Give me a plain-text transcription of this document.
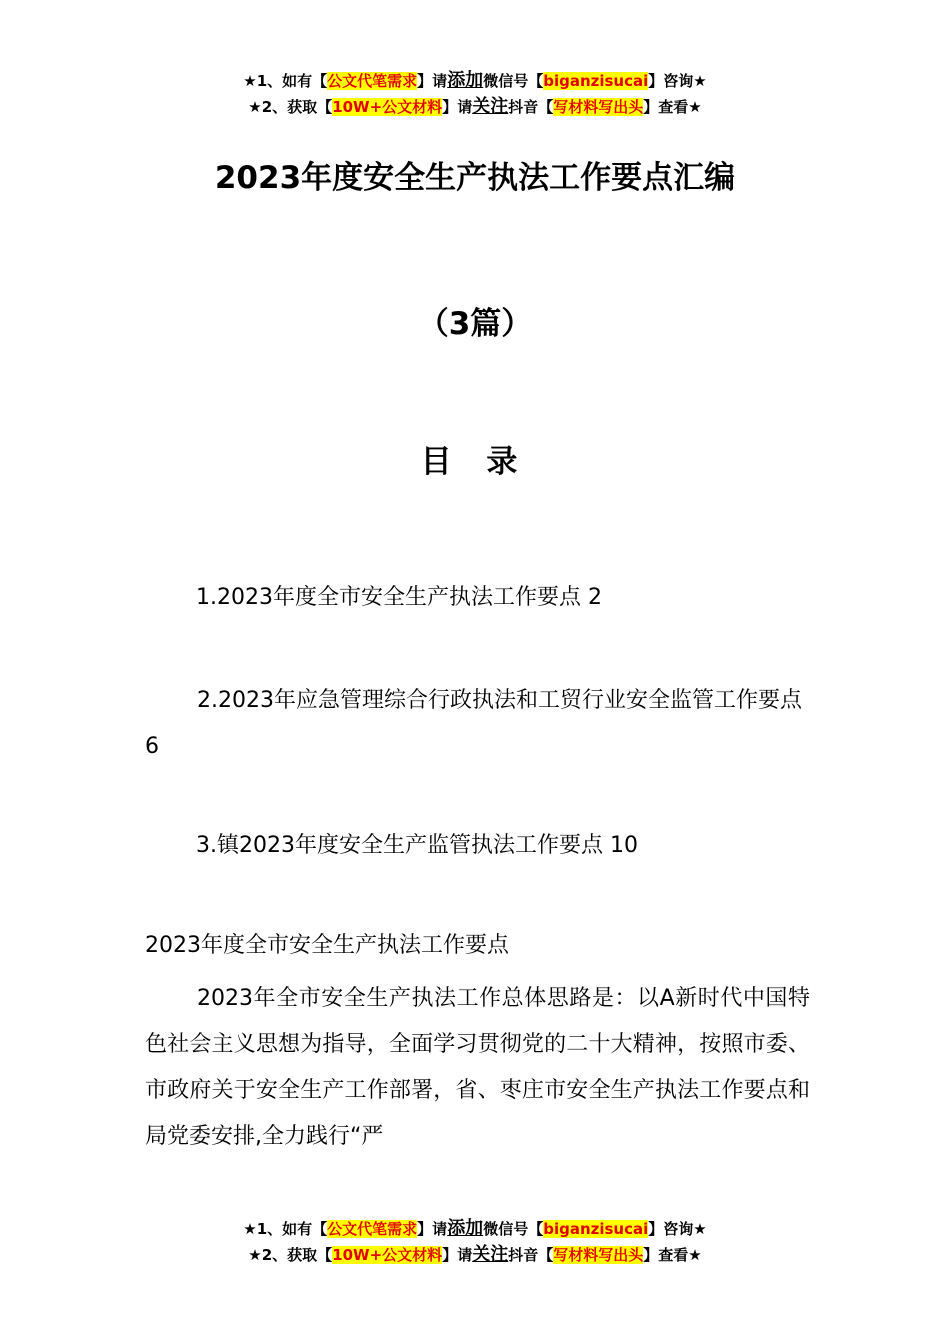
★1、如有【公文代笔需求】请添加微信号【biganzisucai】咨询★
★2、获取【10W+公文材料】请关注抖音【写材料写出头】查看★
2023年度安全生产执法工作要点汇编
（3篇）
目 录
1.2023年度全市安全生产执法工作要点 2
2.2023年应急管理综合行政执法和工贸行业安全监管工作要点 6
3.镇2023年度安全生产监管执法工作要点 10
2023年度全市安全生产执法工作要点
2023年全市安全生产执法工作总体思路是：以A新时代中国特色社会主义思想为指导，全面学习贯彻党的二十大精神，按照市委、市政府关于安全生产工作部署，省、枣庄市安全生产执法工作要点和局党委安排,全力践行“严
★1、如有【公文代笔需求】请添加微信号【biganzisucai】咨询★
★2、获取【10W+公文材料】请关注抖音【写材料写出头】查看★
